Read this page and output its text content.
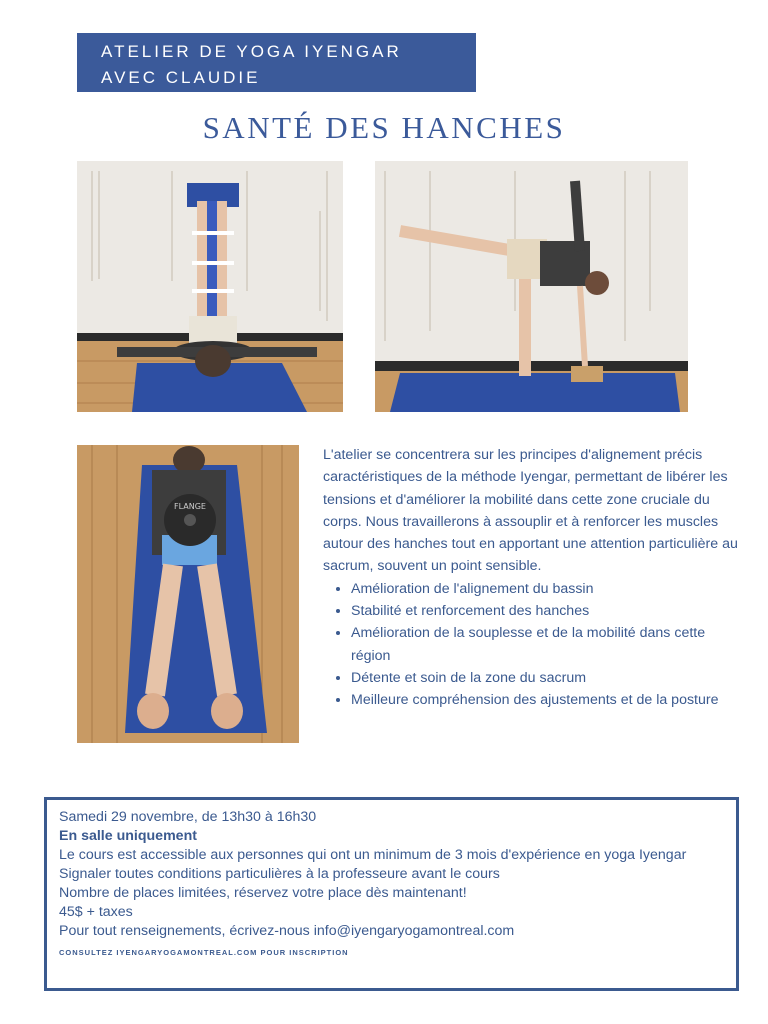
ATELIER DE YOGA IYENGAR
AVEC CLAUDIE
SANTÉ DES HANCHES
FLANGE

L'atelier se concentrera sur les principes d'alignement précis caractéristiques de la méthode Iyengar, permettant de libérer les tensions et d'améliorer la mobilité dans cette zone cruciale du corps. Nous travaillerons à assouplir et à renforcer les muscles autour des hanches tout en apportant une attention particulière au sacrum, souvent un point sensible.

• Amélioration de l'alignement du bassin
• Stabilité et renforcement des hanches
• Amélioration de la souplesse et de la mobilité dans cette région
• Détente et soin de la zone du sacrum
• Meilleure compréhension des ajustements et de la posture
Samedi 29 novembre, de 13h30 à 16h30
En salle uniquement
Le cours est accessible aux personnes qui ont un minimum de 3 mois d'expérience en yoga Iyengar
Signaler toutes conditions particulières à la professeure avant le cours
Nombre de places limitées, réservez votre place dès maintenant!
45$ + taxes
Pour tout renseignements, écrivez-nous info@iyengaryogamontreal.com
CONSULTEZ IYENGARYOGAMONTREAL.COM POUR INSCRIPTION
